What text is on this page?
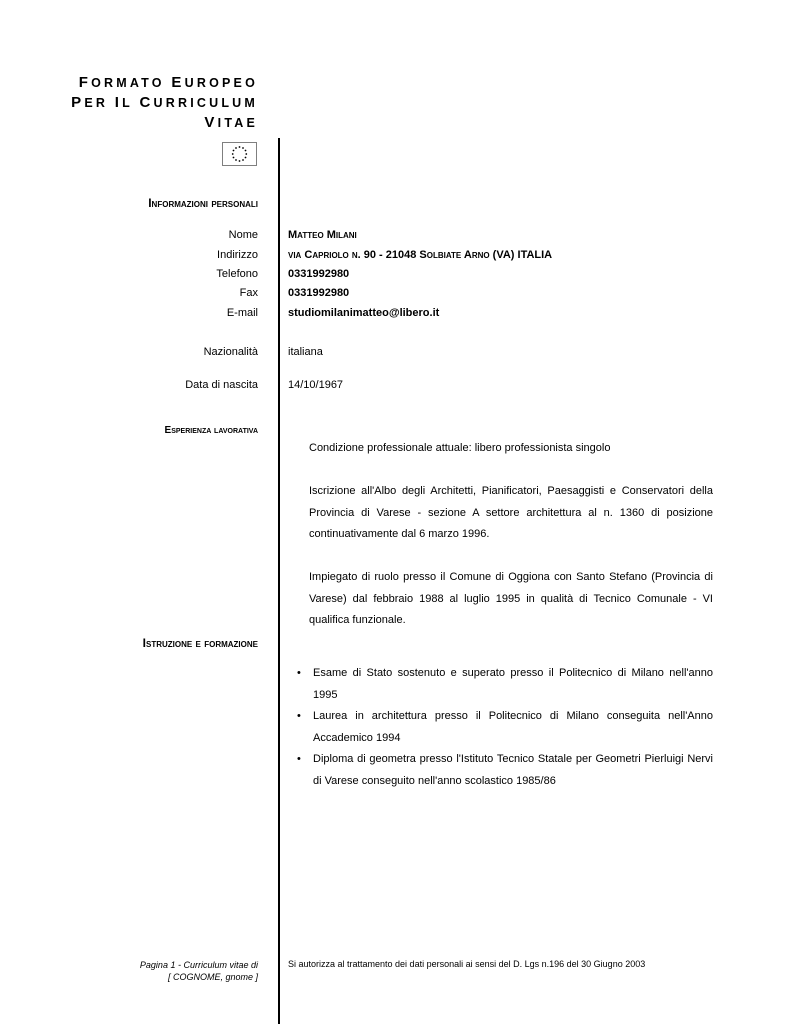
FORMATO EUROPEO
PER IL CURRICULUM
VITAE
Informazioni personali
Nome	Matteo Milani
Indirizzo	via Capriolo n. 90 - 21048 Solbiate Arno (VA) ITALIA
Telefono	0331992980
Fax	0331992980
E-mail	studiomilanimatteo@libero.it
Nazionalità	italiana
Data di nascita	14/10/1967
Esperienza lavorativa

Condizione professionale attuale: libero professionista singolo

Iscrizione all'Albo degli Architetti, Pianificatori, Paesaggisti e Conservatori della Provincia di Varese - sezione A settore architettura al n. 1360 di posizione continuativamente dal 6 marzo 1996.

Impiegato di ruolo presso il Comune di Oggiona con Santo Stefano (Provincia di Varese) dal febbraio 1988 al luglio 1995 in qualità di Tecnico Comunale - VI qualifica funzionale.

Istruzione e formazione
• Esame di Stato sostenuto e superato presso il Politecnico di Milano nell'anno 1995
• Laurea in architettura presso il Politecnico di Milano conseguita nell'Anno Accademico 1994
• Diploma di geometra presso l'Istituto Tecnico Statale per Geometri Pierluigi Nervi di Varese conseguito nell'anno scolastico 1985/86
Pagina 1 - Curriculum vitae di
[ COGNOME, gnome ]
Si autorizza al trattamento dei dati personali ai sensi del D. Lgs n.196 del 30 Giugno 2003
